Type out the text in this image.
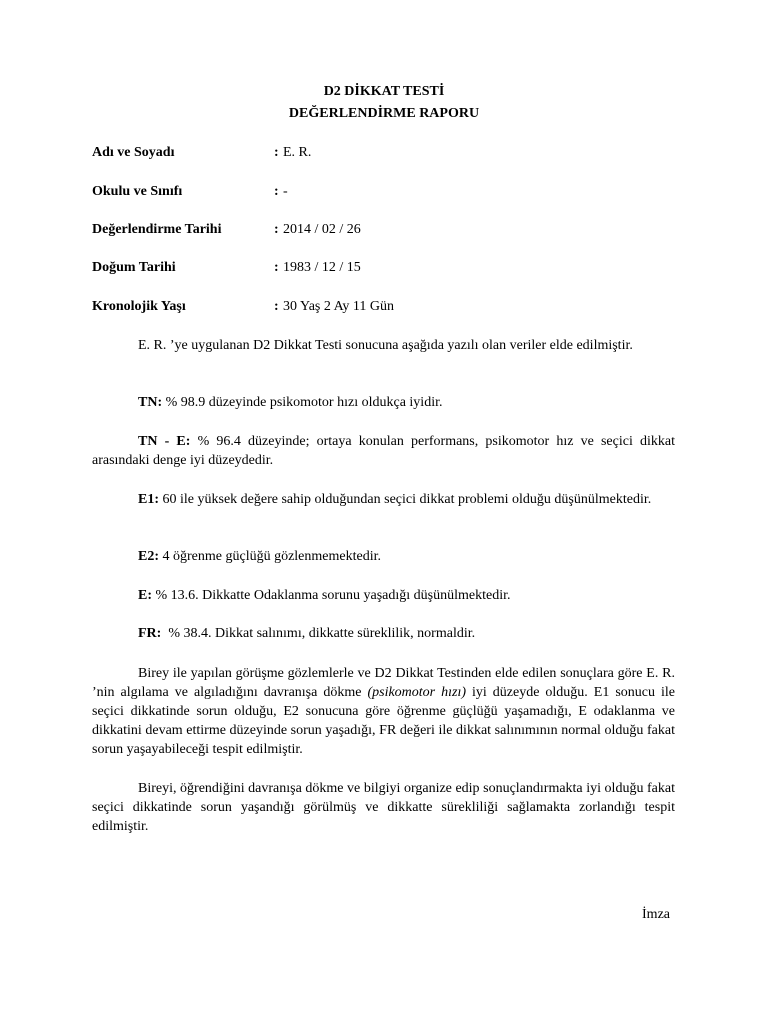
D2 DİKKAT TESTİ
DEĞERLENDİRME RAPORU
Adı ve Soyadı	: E. R.
Okulu ve Sınıfı	: -
Değerlendirme Tarihi	: 2014 / 02 / 26
Doğum Tarihi	: 1983 / 12 / 15
Kronolojik Yaşı	: 30 Yaş 2 Ay 11 Gün

E. R. ’ye uygulanan D2 Dikkat Testi sonucuna aşağıda yazılı olan veriler elde edilmiştir.

TN: % 98.9 düzeyinde psikomotor hızı oldukça iyidir.

TN - E: % 96.4 düzeyinde; ortaya konulan performans, psikomotor hız ve seçici dikkat arasındaki denge iyi düzeydedir.

E1: 60 ile yüksek değere sahip olduğundan seçici dikkat problemi olduğu düşünülmektedir.

E2: 4 öğrenme güçlüğü gözlenmemektedir.

E: % 13.6. Dikkatte Odaklanma sorunu yaşadığı düşünülmektedir.

FR: % 38.4. Dikkat salınımı, dikkatte süreklilik, normaldir.

Birey ile yapılan görüşme gözlemlerle ve D2 Dikkat Testinden elde edilen sonuçlara göre E. R. ’nin algılama ve algıladığını davranışa dökme (psikomotor hızı) iyi düzeyde olduğu. E1 sonucu ile seçici dikkatinde sorun olduğu, E2 sonucuna göre öğrenme güçlüğü yaşamadığı, E odaklanma ve dikkatini devam ettirme düzeyinde sorun yaşadığı, FR değeri ile dikkat salınımının normal olduğu fakat sorun yaşayabileceği tespit edilmiştir.

Bireyi, öğrendiğini davranışa dökme ve bilgiyi organize edip sonuçlandırmakta iyi olduğu fakat seçici dikkatinde sorun yaşandığı görülmüş ve dikkatte sürekliliği sağlamakta zorlandığı tespit edilmiştir.

İmza
